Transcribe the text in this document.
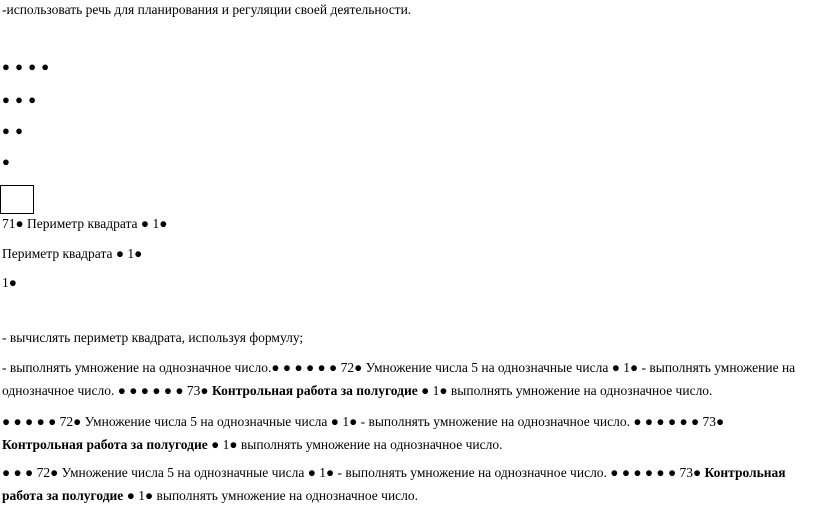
-использовать речь для планирования и регуляции своей деятельности.
● ● ● ●
● ● ●
● ●
●
71● Периметр квадрата ● 1●
Периметр квадрата ● 1●
1●
- вычислять периметр квадрата, используя формулу;
- выполнять умножение на однозначное число.● ● ● ● ● ● 72● Умножение числа 5 на однозначные числа ● 1● - выполнять умножение на однозначное число. ● ● ● ● ● ● 73● Контрольная работа за полугодие ● 1● выполнять умножение на однозначное число.
● ● ● ● ● 72● Умножение числа 5 на однозначные числа ● 1● - выполнять умножение на однозначное число. ● ● ● ● ● ● 73● Контрольная работа за полугодие ● 1● выполнять умножение на однозначное число.
● ● ● 72● Умножение числа 5 на однозначные числа ● 1● - выполнять умножение на однозначное число. ● ● ● ● ● ● 73● Контрольная работа за полугодие ● 1● выполнять умножение на однозначное число.
